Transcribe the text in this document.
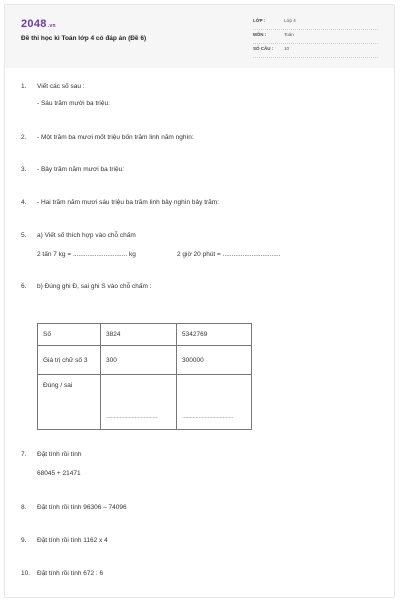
2048.vn
Đề thi học kì Toán lớp 4 có đáp án (Đề 6)
LỚP :	Lớp 4
MÔN :	Toán
SỐ CÂU : 10
1. Viết các số sau :
- Sáu trăm mười ba triệu:
2. - Một trăm ba mươi mốt triệu bốn trăm linh năm nghìn:
3. - Bảy trăm năm mươi ba triệu:
4. - Hai trăm năm mươi sáu triệu ba trăm linh bảy nghìn bảy trăm:
5. a) Viết số thích hợp vào chỗ chấm
2 tấn 7 kg = .............................. kg	2 giờ 20 phút = ................................
6. b) Đúng ghi Đ, sai ghi S vào chỗ chấm :
Số	3824	5342769
Giá trị chữ số 3	300	300000
Đúng / sai	..................................	..................................
7. Đặt tính rồi tính
68045 + 21471
8. Đặt tính rồi tính 96306 – 74096
9. Đặt tính rồi tính 1162 x 4
10. Đặt tính rồi tính 672 : 6
